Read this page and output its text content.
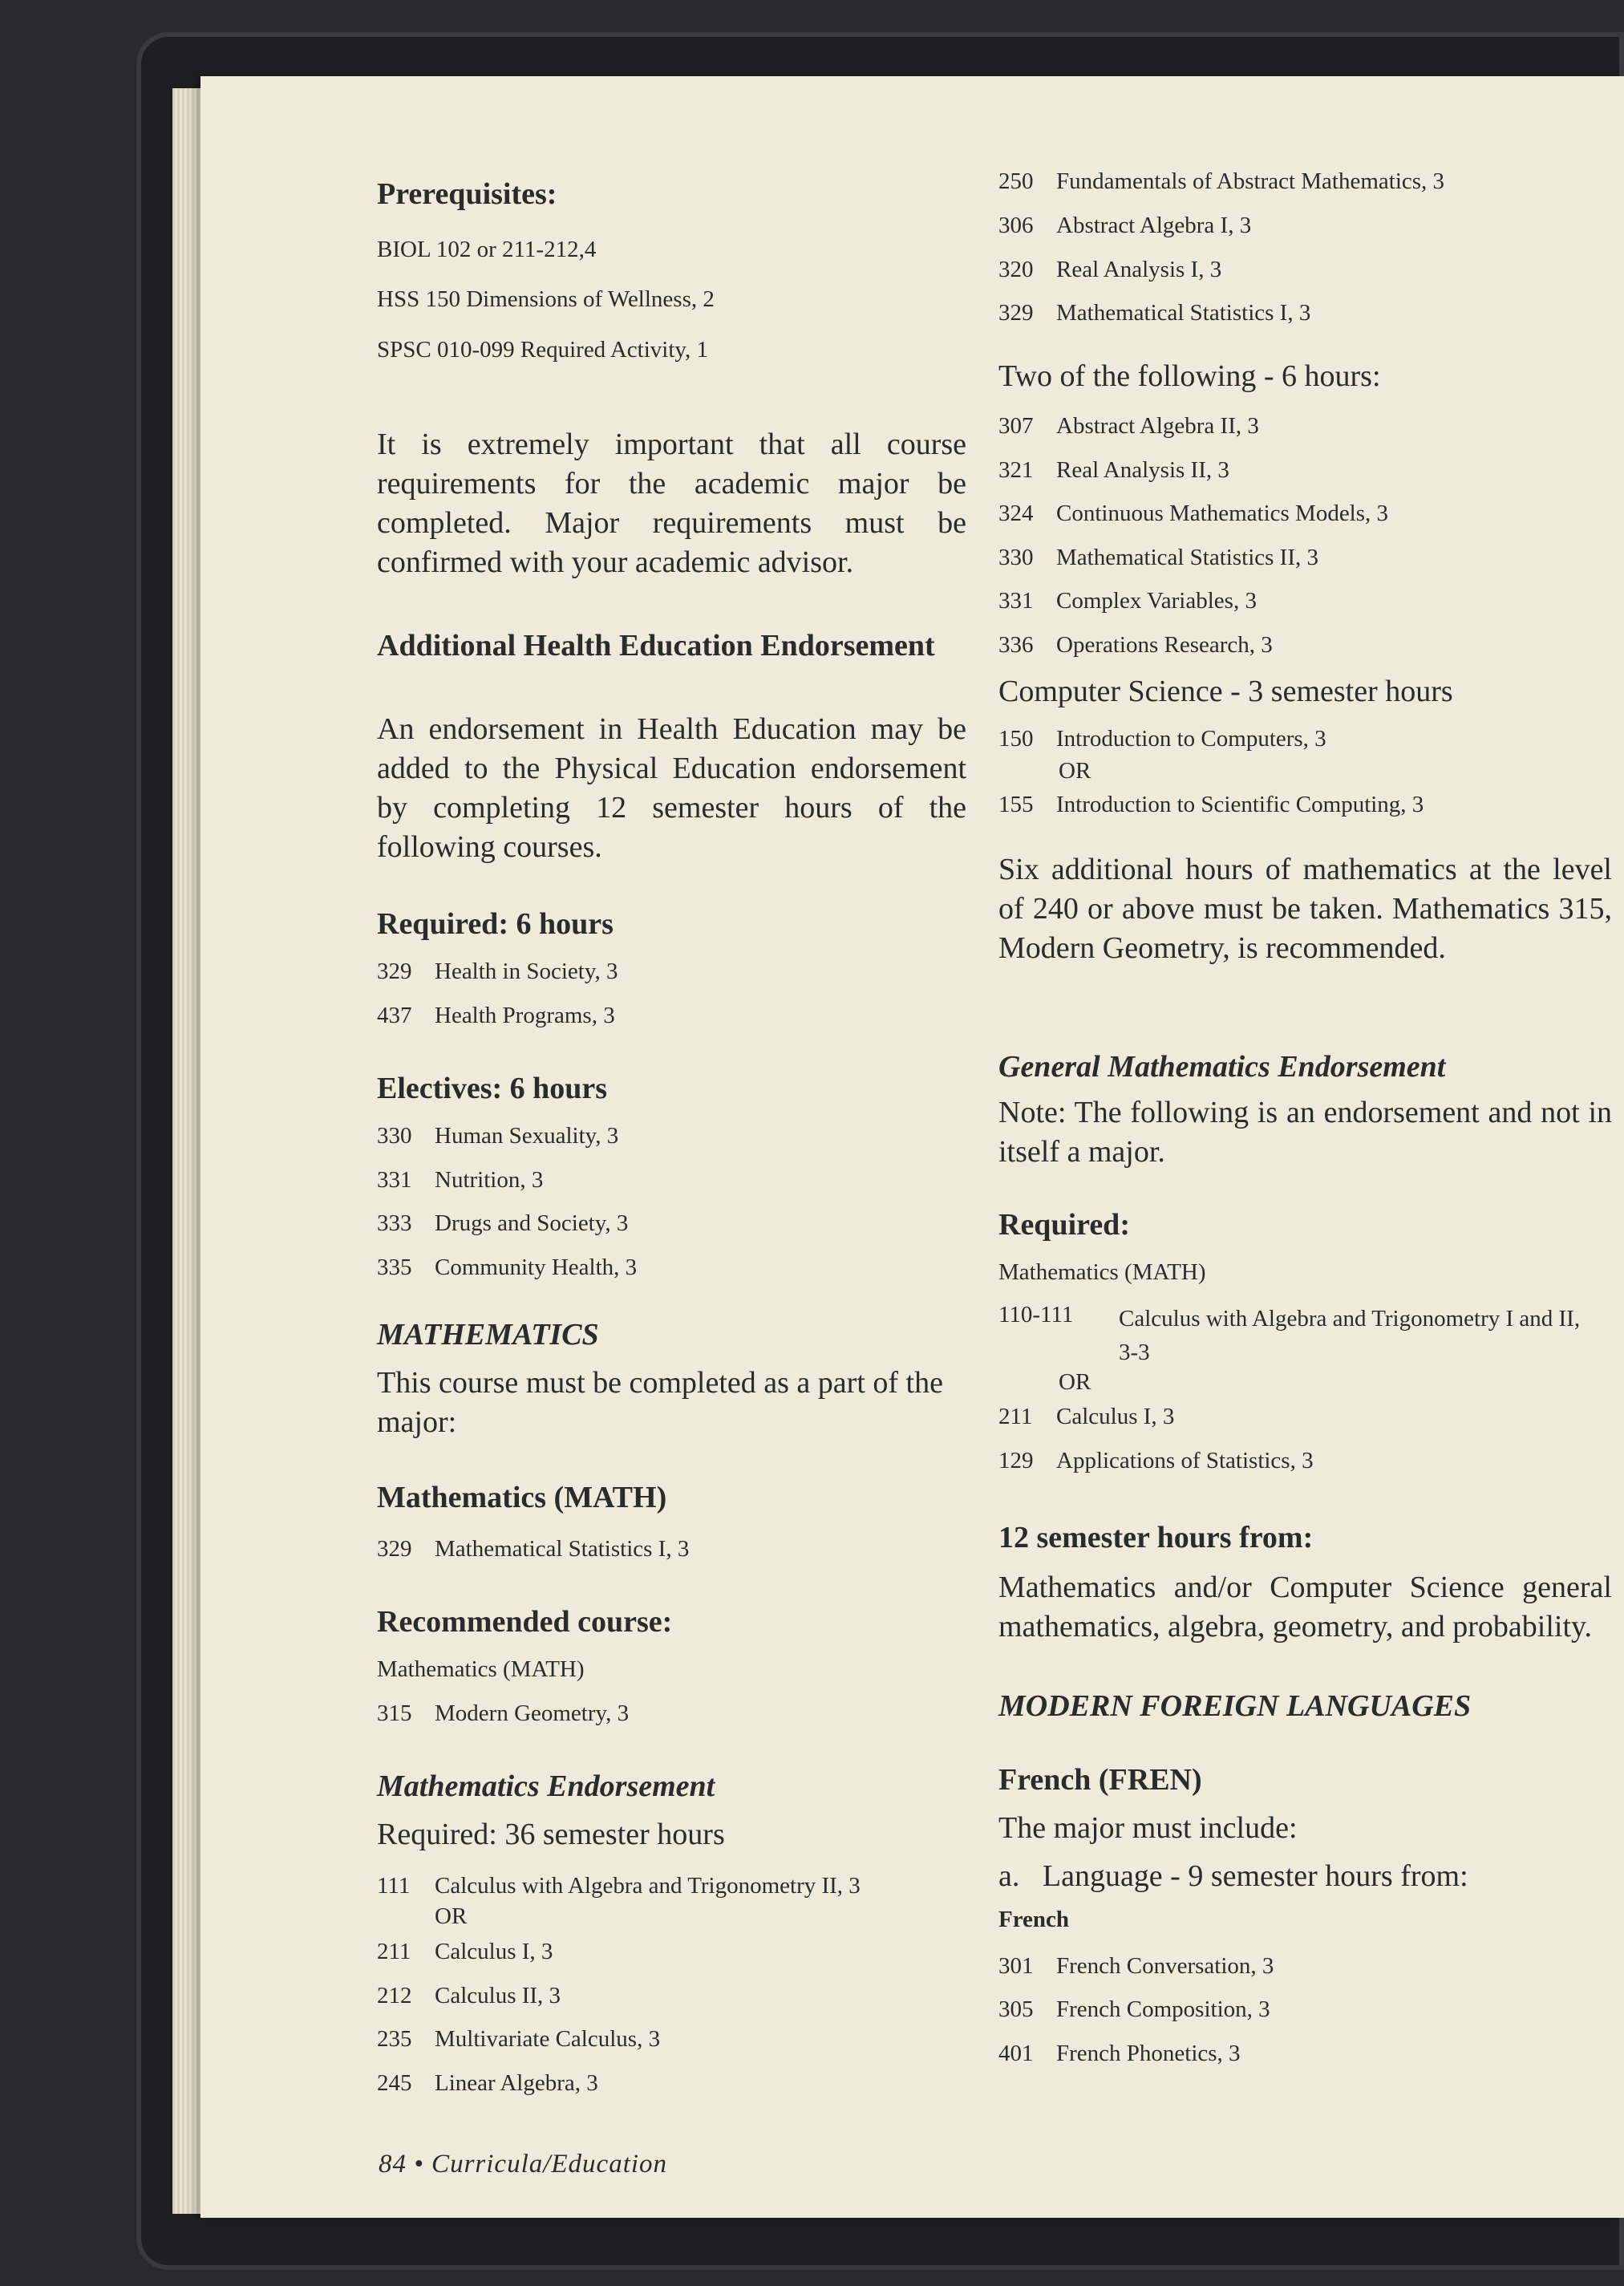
Prerequisites:
BIOL 102 or 211-212,4
HSS 150 Dimensions of Wellness, 2
SPSC 010-099 Required Activity, 1

It is extremely important that all course requirements for the academic major be completed. Major requirements must be confirmed with your academic advisor.

Additional Health Education Endorsement

An endorsement in Health Education may be added to the Physical Education endorsement by completing 12 semester hours of the following courses.

Required: 6 hours
329 Health in Society, 3
437 Health Programs, 3
Electives: 6 hours
330 Human Sexuality, 3
331 Nutrition, 3
333 Drugs and Society, 3
335 Community Health, 3
MATHEMATICS

This course must be completed as a part of the major:

Mathematics (MATH)
329 Mathematical Statistics I, 3
Recommended course:
Mathematics (MATH)
315 Modern Geometry, 3
Mathematics Endorsement
Required: 36 semester hours
111 Calculus with Algebra and Trigonometry II, 3
OR
211 Calculus I, 3
212 Calculus II, 3
235 Multivariate Calculus, 3
245 Linear Algebra, 3
250 Fundamentals of Abstract Mathematics, 3
306 Abstract Algebra I, 3
320 Real Analysis I, 3
329 Mathematical Statistics I, 3
Two of the following - 6 hours:
307 Abstract Algebra II, 3
321 Real Analysis II, 3
324 Continuous Mathematics Models, 3
330 Mathematical Statistics II, 3
331 Complex Variables, 3
336 Operations Research, 3
Computer Science - 3 semester hours
150 Introduction to Computers, 3
OR
155 Introduction to Scientific Computing, 3

Six additional hours of mathematics at the level of 240 or above must be taken. Mathematics 315, Modern Geometry, is recommended.

General Mathematics Endorsement

Note: The following is an endorsement and not in itself a major.

Required:
Mathematics (MATH)
110-111 Calculus with Algebra and Trigonometry I and II, 3-3
OR
211 Calculus I, 3
129 Applications of Statistics, 3
12 semester hours from:

Mathematics and/or Computer Science general mathematics, algebra, geometry, and probability.

MODERN FOREIGN LANGUAGES
French (FREN)
The major must include:
a.   Language - 9 semester hours from:
French
301 French Conversation, 3
305 French Composition, 3
401 French Phonetics, 3
84 • Curricula/Education
